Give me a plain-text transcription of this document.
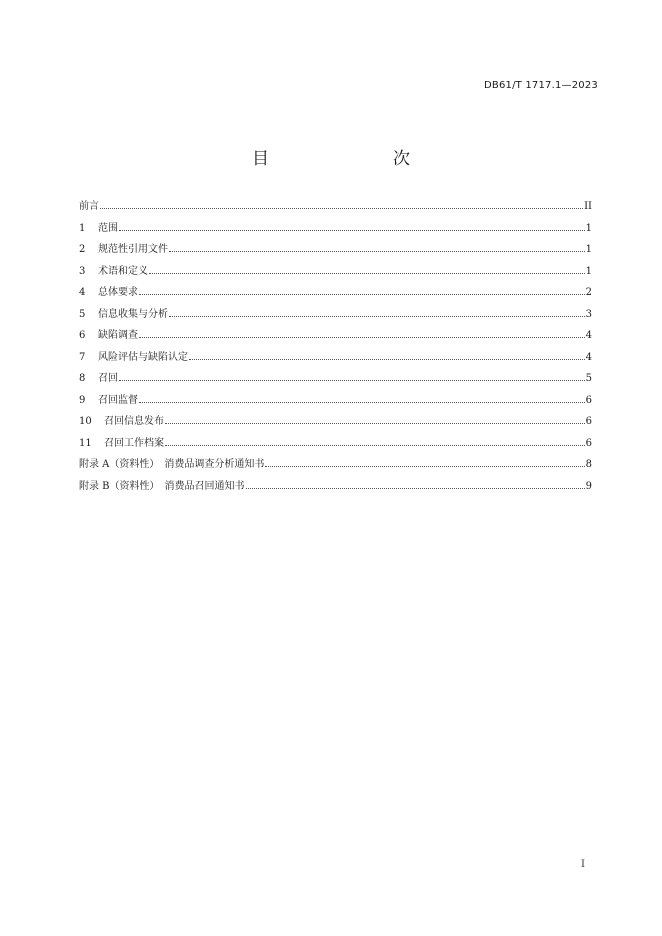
DB61/T 1717.1—2023
目　　次
前言	II
1	范围	1
2	规范性引用文件	1
3	术语和定义	1
4	总体要求	2
5	信息收集与分析	3
6	缺陷调查	4
7	风险评估与缺陷认定	4
8	召回	5
9	召回监督	6
10	召回信息发布	6
11	召回工作档案	6
附录 A（资料性）　消费品调查分析通知书	8
附录 B（资料性）　消费品召回通知书	9
I
